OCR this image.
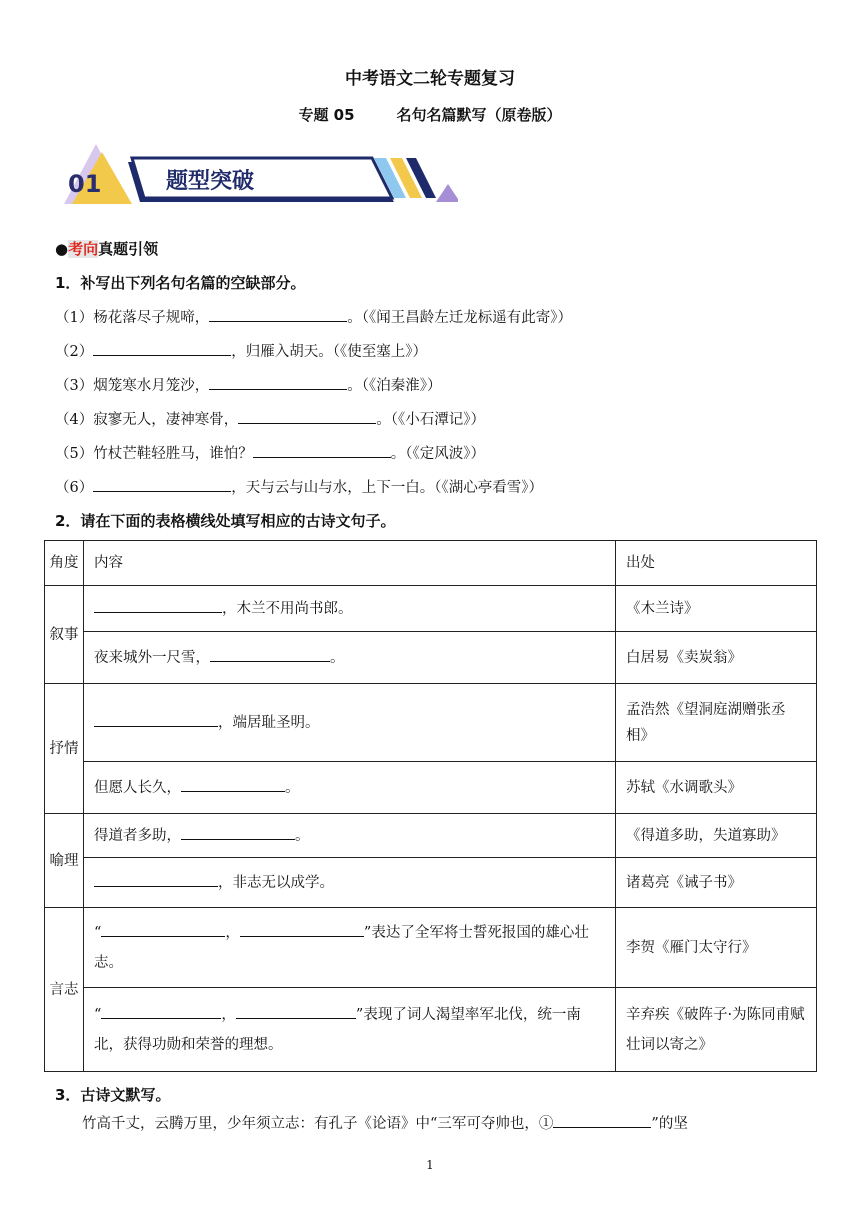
中考语文二轮专题复习
专题 05	名句名篇默写（原卷版）
01	题型突破
●考向真题引领
1．补写出下列名句名篇的空缺部分。
（1）杨花落尽子规啼，	。（《闻王昌龄左迁龙标遥有此寄》）
（2）	，归雁入胡天。（《使至塞上》）
（3）烟笼寒水月笼沙，	。（《泊秦淮》）
（4）寂寥无人，凄神寒骨，	。（《小石潭记》）
（5）竹杖芒鞋轻胜马，谁怕？	。（《定风波》）
（6）	，天与云与山与水，上下一白。（《湖心亭看雪》）
2．请在下面的表格横线处填写相应的古诗文句子。
角度	内容	出处
叙事	，木兰不用尚书郎。	《木兰诗》
	夜来城外一尺雪， 。	白居易《卖炭翁》
抒情	，端居耻圣明。	孟浩然《望洞庭湖赠张丞相》
	但愿人长久， 。	苏轼《水调歌头》
喻理	得道者多助， 。	《得道多助，失道寡助》
	，非志无以成学。	诸葛亮《诫子书》
言志	“ ， ”表达了全军将士誓死报国的雄心壮志。	李贺《雁门太守行》
	“ ， ”表现了词人渴望率军北伐，统一南北，获得功勋和荣誉的理想。	辛弃疾《破阵子·为陈同甫赋壮词以寄之》
3．古诗文默写。
竹高千丈，云腾万里，少年须立志：有孔子《论语》中“三军可夺帅也，①	”的坚
1
